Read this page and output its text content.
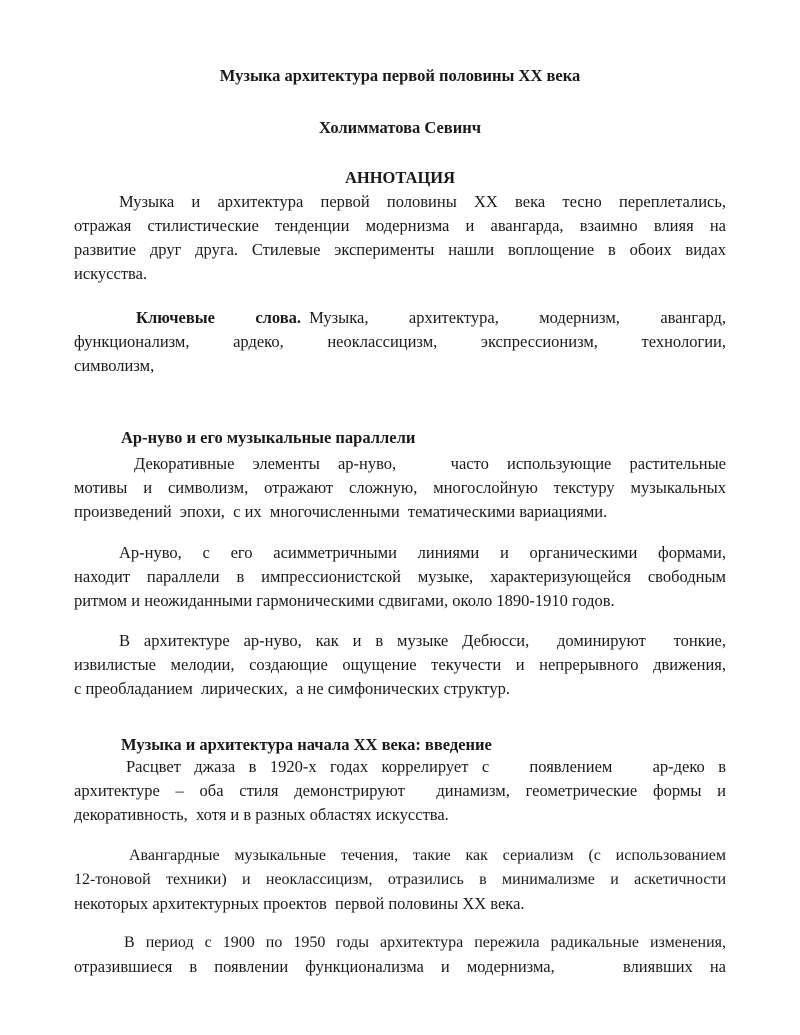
Музыка архитектура первой половины XX века
Холимматова Севинч
АННОТАЦИЯ
Музыка и архитектура первой половины XX века тесно переплетались,
отражая стилистические тенденции модернизма и авангарда, взаимно влияя на
развитие друг друга. Стилевые эксперименты нашли воплощение в обоих видах
искусства.
Ключевые     слова. Музыка,     архитектура,     модернизм,     авангард,
функционализм,     ардеко,     неоклассицизм,     экспрессионизм,     технологии,
символизм,
Ар-нуво и его музыкальные параллели
Декоративные элементы ар-нуво,   часто использующие растительные
мотивы и символизм, отражают сложную, многослойную текстуру музыкальных
произведений  эпохи,  с их  многочисленными  тематическими вариациями.
Ар-нуво, с его асимметричными линиями и органическими формами,
находит параллели в импрессионистской музыке, характеризующейся свободным
ритмом и неожиданными гармоническими сдвигами, около 1890-1910 годов.
В архитектуре ар-нуво, как и в музыке Дебюсси,  доминируют  тонкие,
извилистые мелодии, создающие ощущение текучести и непрерывного движения,
с преобладанием  лирических,  а не симфонических структур.
Музыка и архитектура начала XX века: введение
Расцвет джаза в 1920-х годах коррелирует с   появлением   ар-деко в
архитектуре – оба стиля демонстрируют  динамизм, геометрические формы и
декоративность,  хотя и в разных областях искусства.
Авангардные музыкальные течения, такие как сериализм (с использованием
12-тоновой техники) и неоклассицизм, отразились в минимализме и аскетичности
некоторых архитектурных проектов  первой половины XX века.
В период с 1900 по 1950 годы архитектура пережила радикальные изменения,
отразившиеся в появлении функционализма и модернизма,    влиявших на
